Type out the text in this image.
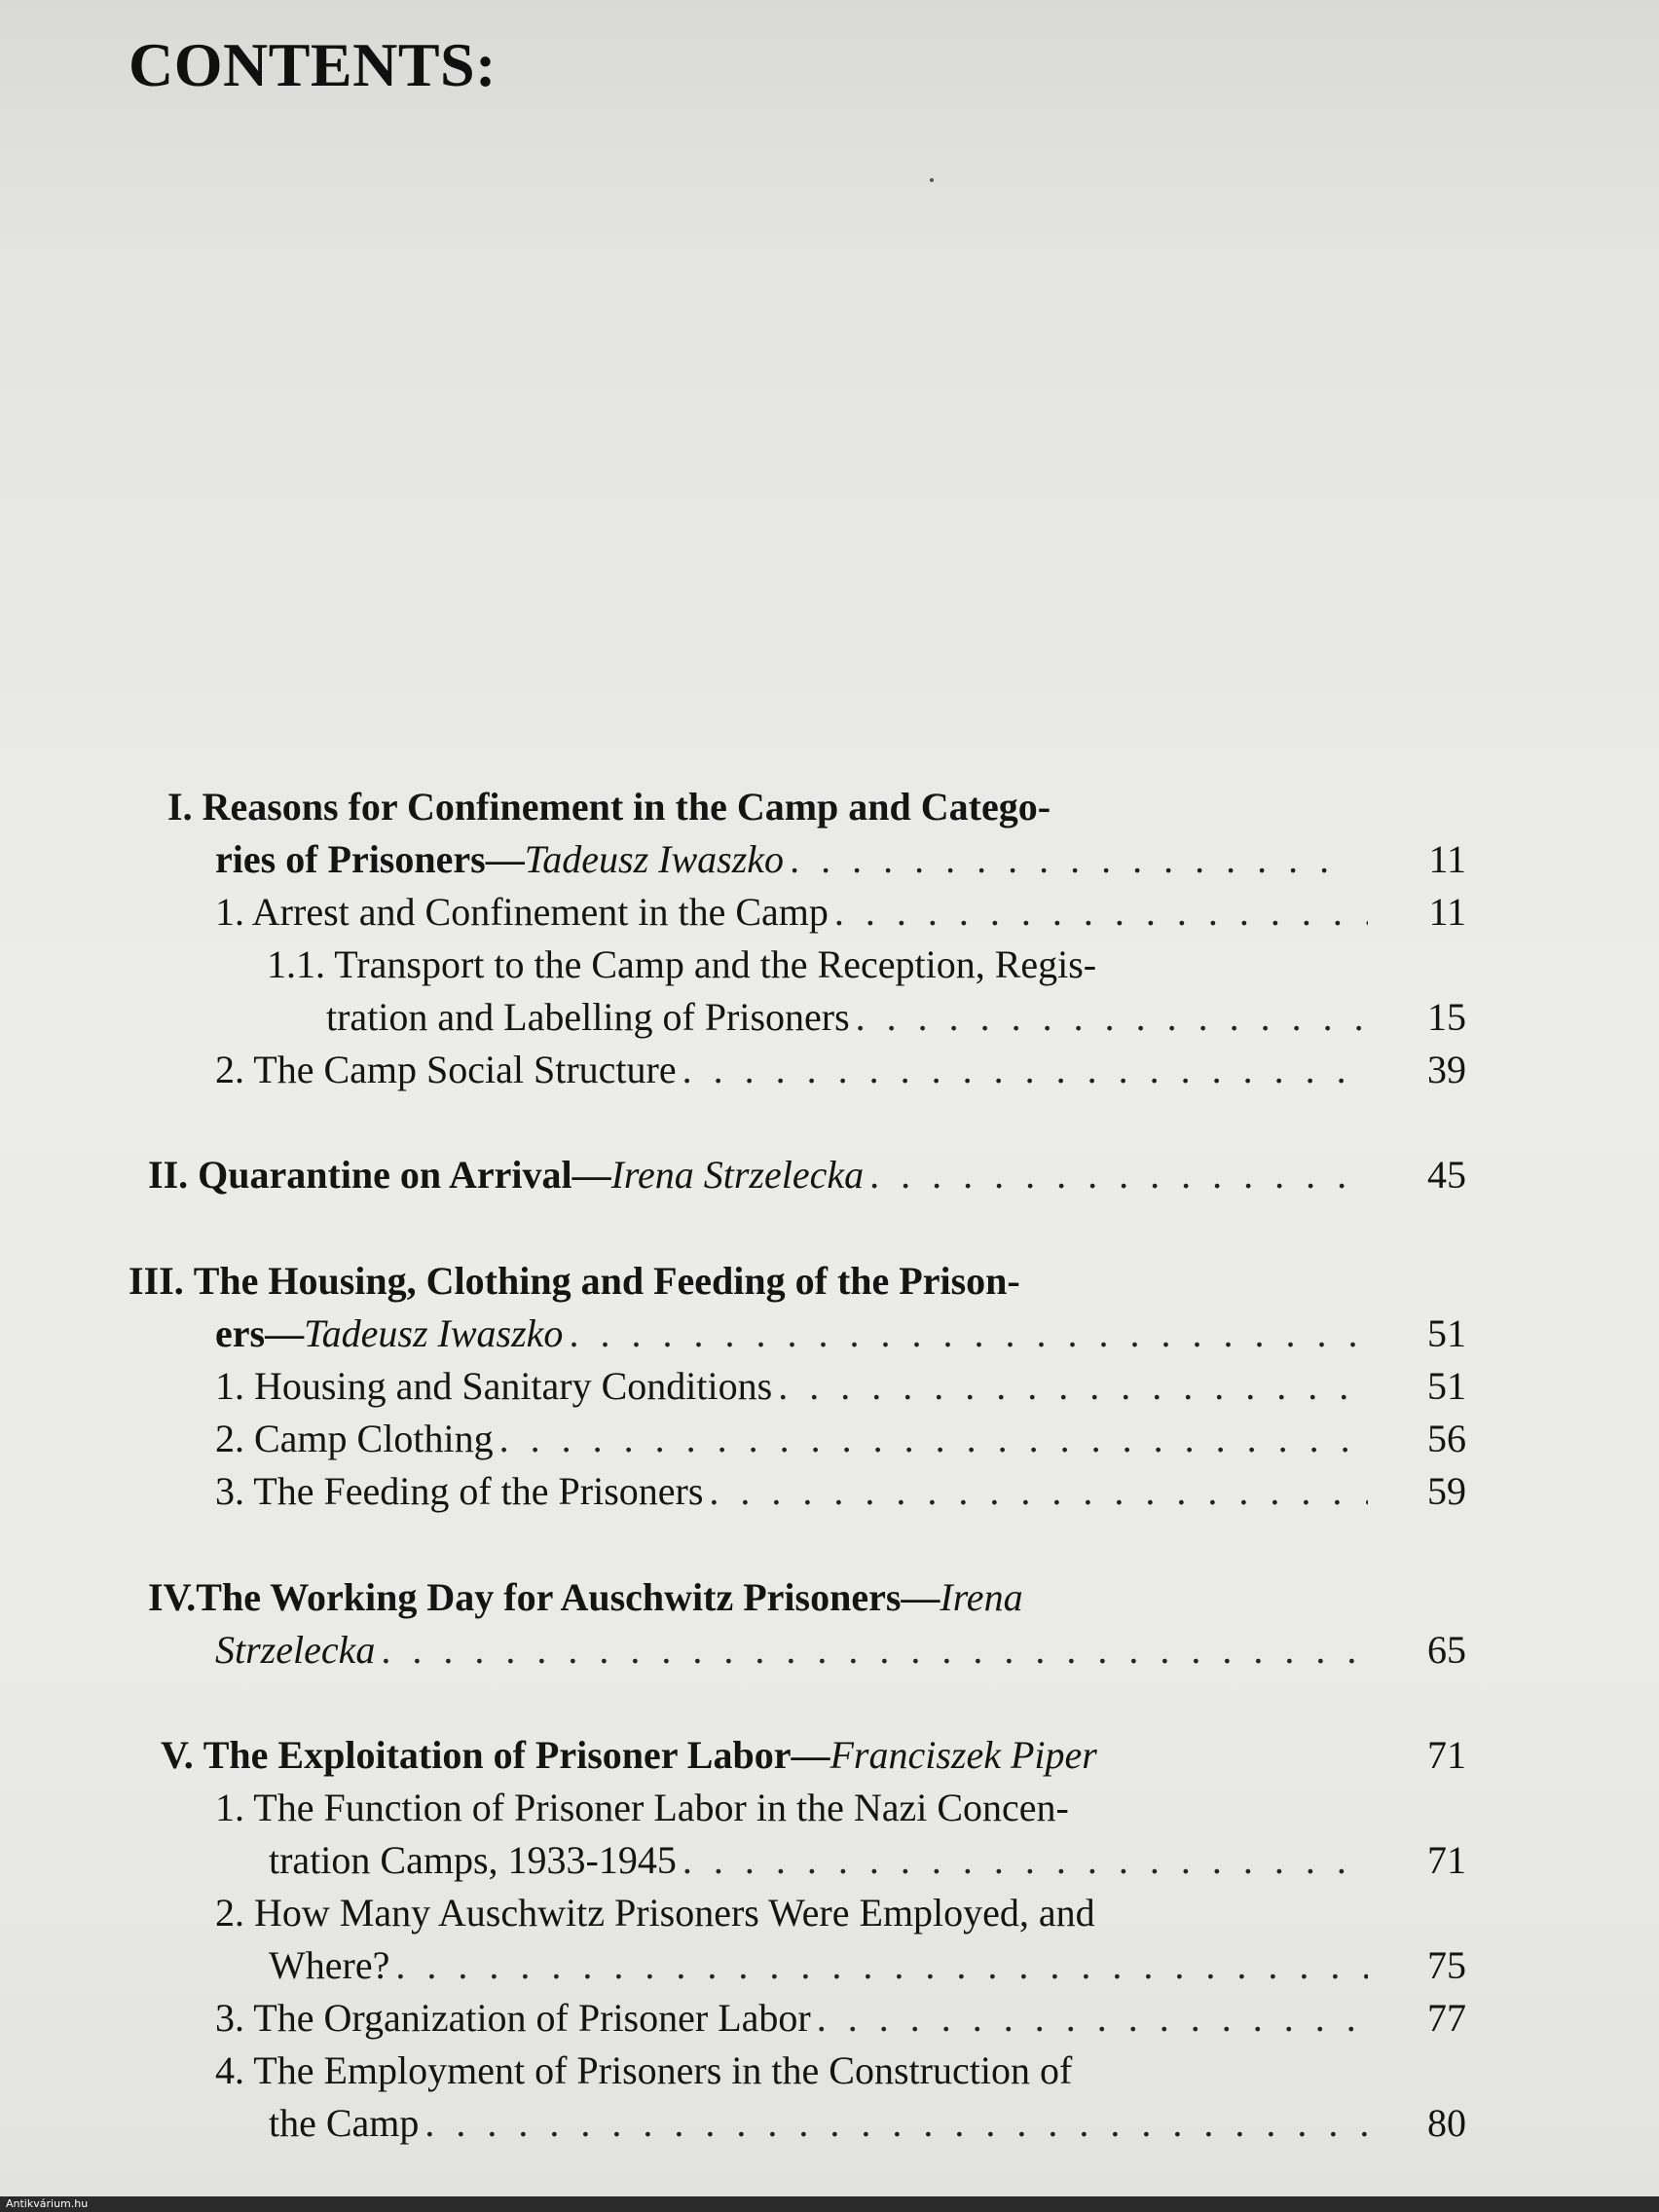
CONTENTS:
I.
Reasons for Confinement in the Camp and Catego-
ries of Prisoners— Tadeusz Iwaszko . . .	11
1. Arrest and Confinement in the Camp . . .	11
1.1. Transport to the Camp and the Reception, Regis-
tration and Labelling of Prisoners . . .	15
2. The Camp Social Structure . . .	39
II.
Quarantine on Arrival— Irena Strzelecka . . .	45
III.
The Housing, Clothing and Feeding of the Prison-
ers— Tadeusz Iwaszko . . .	51
1. Housing and Sanitary Conditions . . .	51
2. Camp Clothing . . .	56
3. The Feeding of the Prisoners . . .	59
IV. The Working Day for Auschwitz Prisoners— Irena
Strzelecka . . .	65
V.
The Exploitation of Prisoner Labor— Franciszek Piper	71
1. The Function of Prisoner Labor in the Nazi Concen-
tration Camps, 1933-1945 . . .	71
2. How Many Auschwitz Prisoners Were Employed, and
Where? . . .	75
3. The Organization of Prisoner Labor . . .	77
4. The Employment of Prisoners in the Construction of
the Camp . . .	80
Antikvárium.hu
